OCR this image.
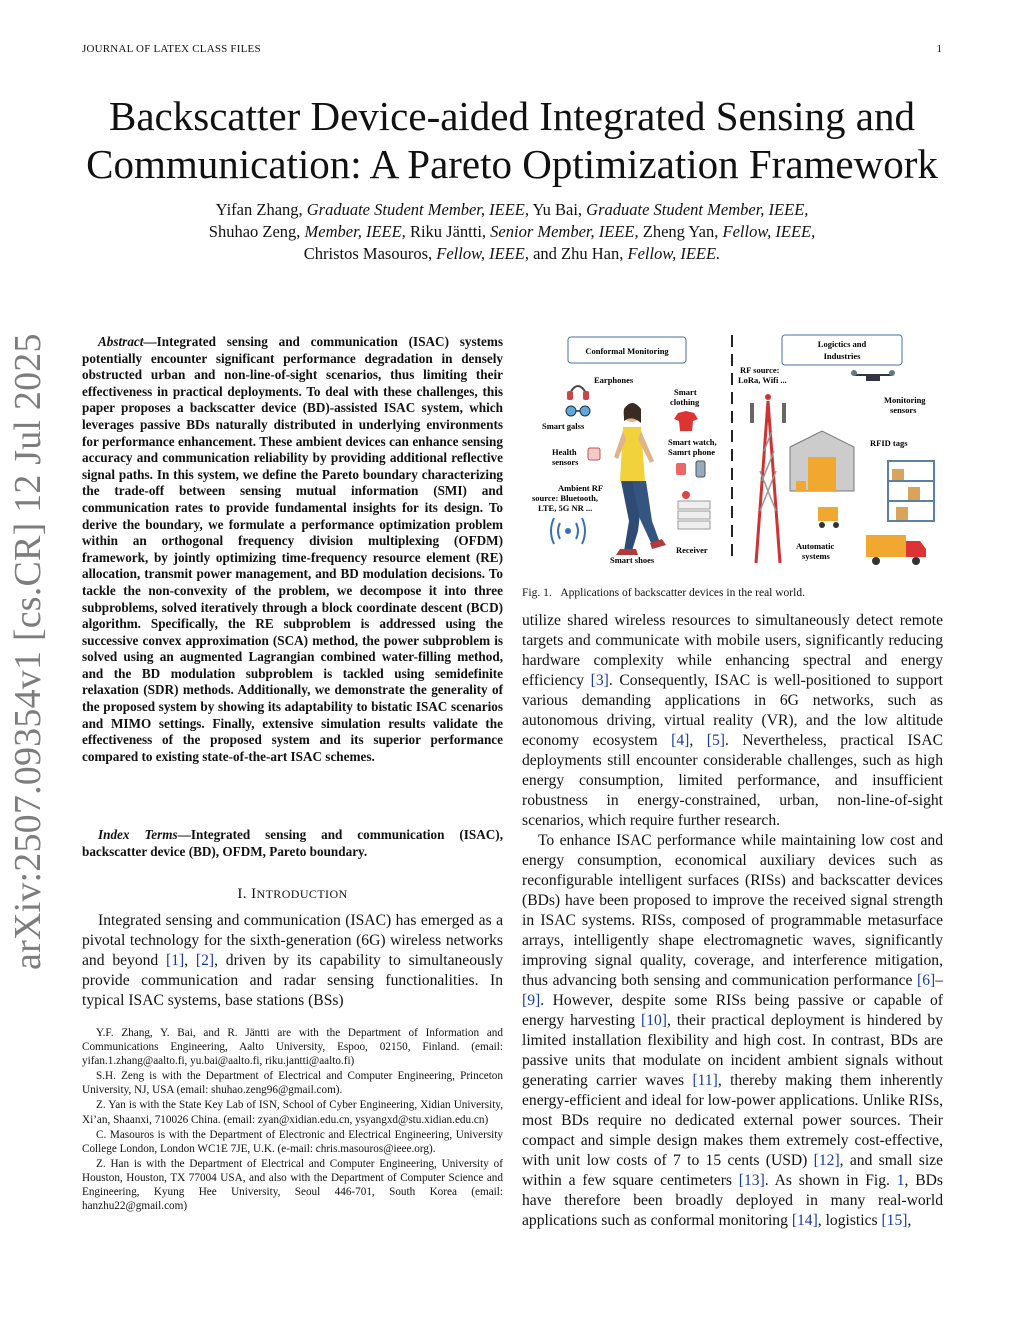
JOURNAL OF LATEX CLASS FILES	1
arXiv:2507.09354v1 [cs.CR] 12 Jul 2025
Backscatter Device-aided Integrated Sensing and
Communication: A Pareto Optimization Framework
Yifan Zhang, Graduate Student Member, IEEE, Yu Bai, Graduate Student Member, IEEE,
Shuhao Zeng, Member, IEEE, Riku Jäntti, Senior Member, IEEE, Zheng Yan, Fellow, IEEE,
Christos Masouros, Fellow, IEEE, and Zhu Han, Fellow, IEEE.
Abstract—Integrated sensing and communication (ISAC) systems potentially encounter significant performance degradation in densely obstructed urban and non-line-of-sight scenarios, thus limiting their effectiveness in practical deployments. To deal with these challenges, this paper proposes a backscatter device (BD)-assisted ISAC system, which leverages passive BDs naturally distributed in underlying environments for performance enhancement. These ambient devices can enhance sensing accuracy and communication reliability by providing additional reflective signal paths. In this system, we define the Pareto boundary characterizing the trade-off between sensing mutual information (SMI) and communication rates to provide fundamental insights for its design. To derive the boundary, we formulate a performance optimization problem within an orthogonal frequency division multiplexing (OFDM) framework, by jointly optimizing time-frequency resource element (RE) allocation, transmit power management, and BD modulation decisions. To tackle the non-convexity of the problem, we decompose it into three subproblems, solved iteratively through a block coordinate descent (BCD) algorithm. Specifically, the RE subproblem is addressed using the successive convex approximation (SCA) method, the power subproblem is solved using an augmented Lagrangian combined water-filling method, and the BD modulation subproblem is tackled using semidefinite relaxation (SDR) methods. Additionally, we demonstrate the generality of the proposed system by showing its adaptability to bistatic ISAC scenarios and MIMO settings. Finally, extensive simulation results validate the effectiveness of the proposed system and its superior performance compared to existing state-of-the-art ISAC schemes.
Index Terms—Integrated sensing and communication (ISAC), backscatter device (BD), OFDM, Pareto boundary.
I. INTRODUCTION
Integrated sensing and communication (ISAC) has emerged as a pivotal technology for the sixth-generation (6G) wireless networks and beyond [1], [2], driven by its capability to simultaneously provide communication and radar sensing functionalities. In typical ISAC systems, base stations (BSs)

Y.F. Zhang, Y. Bai, and R. Jäntti are with the Department of Information and Communications Engineering, Aalto University, Espoo, 02150, Finland. (email: yifan.1.zhang@aalto.fi, yu.bai@aalto.fi, riku.jantti@aalto.fi)

S.H. Zeng is with the Department of Electrical and Computer Engineering, Princeton University, NJ, USA (email: shuhao.zeng96@gmail.com).

Z. Yan is with the State Key Lab of ISN, School of Cyber Engineering, Xidian University, Xi’an, Shaanxi, 710026 China. (email: zyan@xidian.edu.cn, ysyangxd@stu.xidian.edu.cn)

C. Masouros is with the Department of Electronic and Electrical Engineering, University College London, London WC1E 7JE, U.K. (e-mail: chris.masouros@ieee.org).

Z. Han is with the Department of Electrical and Computer Engineering, University of Houston, Houston, TX 77004 USA, and also with the Department of Computer Science and Engineering, Kyung Hee University, Seoul 446-701, South Korea (email: hanzhu22@gmail.com)

Conformal Monitoring
Logictics and
Industries
Earphones
Smart galss
Health
sensors
Ambient RF
source: Bluetooth,
LTE, 5G NR ...
Smart shoes
Smart
clothing
Smart watch,
Samrt phone
Receiver
RF source:
LoRa, Wifi ...
Monitoring
sensors
RFID tags
Automatic
systems
Fig. 1. Applications of backscatter devices in the real world.

utilize shared wireless resources to simultaneously detect remote targets and communicate with mobile users, significantly reducing hardware complexity while enhancing spectral and energy efficiency [3]. Consequently, ISAC is well-positioned to support various demanding applications in 6G networks, such as autonomous driving, virtual reality (VR), and the low altitude economy ecosystem [4], [5]. Nevertheless, practical ISAC deployments still encounter considerable challenges, such as high energy consumption, limited performance, and insufficient robustness in energy-constrained, urban, non-line-of-sight scenarios, which require further research.

To enhance ISAC performance while maintaining low cost and energy consumption, economical auxiliary devices such as reconfigurable intelligent surfaces (RISs) and backscatter devices (BDs) have been proposed to improve the received signal strength in ISAC systems. RISs, composed of programmable metasurface arrays, intelligently shape electromagnetic waves, significantly improving signal quality, coverage, and interference mitigation, thus advancing both sensing and communication performance [6]–[9]. However, despite some RISs being passive or capable of energy harvesting [10], their practical deployment is hindered by limited installation flexibility and high cost. In contrast, BDs are passive units that modulate on incident ambient signals without generating carrier waves [11], thereby making them inherently energy-efficient and ideal for low-power applications. Unlike RISs, most BDs require no dedicated external power sources. Their compact and simple design makes them extremely cost-effective, with unit low costs of 7 to 15 cents (USD) [12], and small size within a few square centimeters [13]. As shown in Fig. 1, BDs have therefore been broadly deployed in many real-world applications such as conformal monitoring [14], logistics [15],
